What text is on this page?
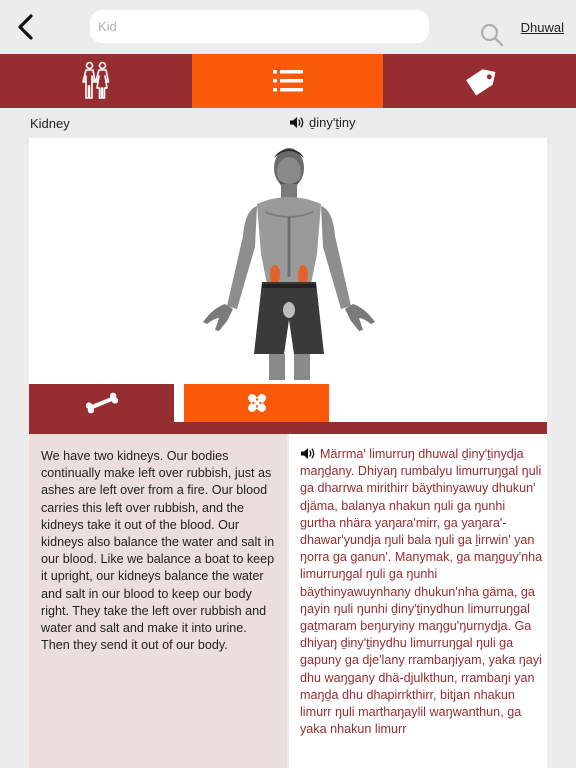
Kid
Dhuwal
Kidney	ḏiny'ṯiny

We have two kidneys. Our bodies continually make left over rubbish, just as ashes are left over from a fire. Our blood carries this left over rubbish, and the kidneys take it out of the blood. Our kidneys also balance the water and salt in our blood. Like we balance a boat to keep it upright, our kidneys balance the water and salt in our blood to keep our body right. They take the left over rubbish and water and salt and make it into urine. Then they send it out of our body.

Märrma' limurruŋ dhuwal ḏiny'ṯinydja maŋḏany. Dhiyaŋ rumbalyu limurruŋgal ŋuli ga dharrwa mirithirr bäythinyawuy dhukun' djäma, balanya nhakun ŋuli ga ŋunhi gurtha nhära yaŋara'mirr, ga yaŋara'-dhawar'yundja ŋuli bala ŋuli ga ḻirrwin' yan ŋorra ga ganun'. Manymak, ga maŋguy'nha limurruŋgal ŋuli ga ŋunhi bäythinyawuynhany dhukun'nha gäma, ga ŋayin ŋuli ŋunhi ḏiny'ṯinydhun limurruŋgal gaṯmaram beŋuryiny maŋgu'ŋurnydja. Ga dhiyaŋ ḏiny'ṯinydhu limurruŋgal ŋuli ga gapuny ga dje'lany rrambaŋiyam, yaka ŋayi dhu waŋgany dhä-djulkthun, rrambaŋi yan maŋḏa dhu dhapirrkthirr, bitjan nhakun limurr ŋuli marthaŋaylil waŋwanthun, ga yaka nhakun limurr
